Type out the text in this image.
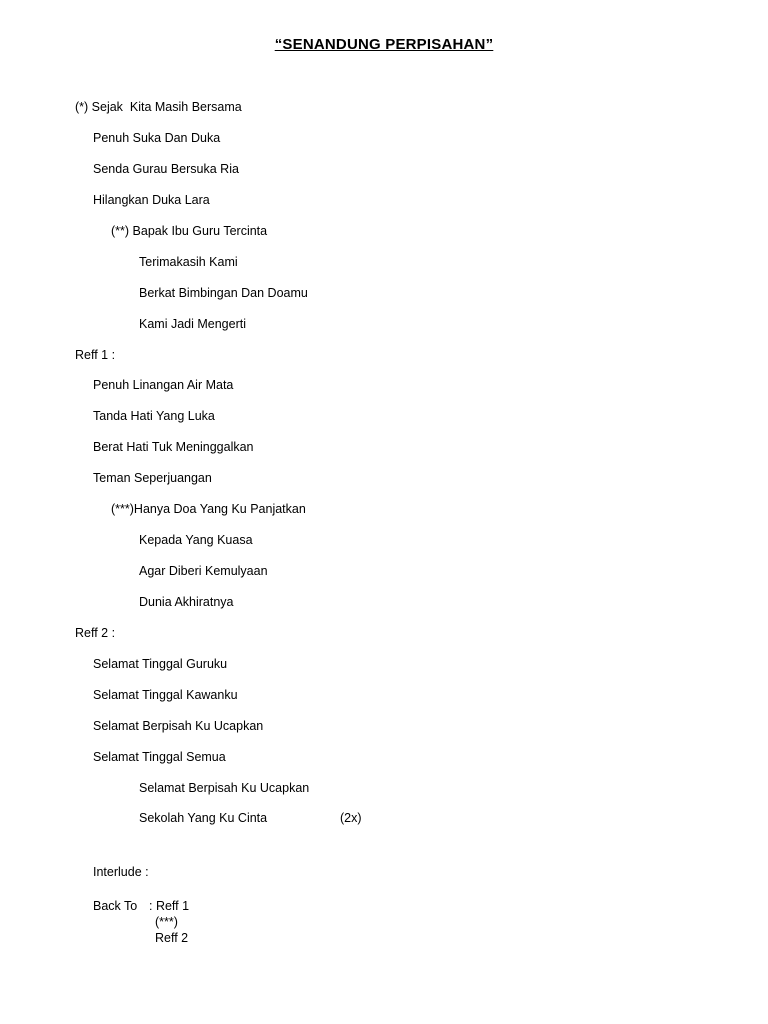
“SENANDUNG PERPISAHAN”
(*) Sejak  Kita Masih Bersama
Penuh Suka Dan Duka
Senda Gurau Bersuka Ria
Hilangkan Duka Lara
(**) Bapak Ibu Guru Tercinta
Terimakasih Kami
Berkat Bimbingan Dan Doamu
Kami Jadi Mengerti
Reff 1 :
Penuh Linangan Air Mata
Tanda Hati Yang Luka
Berat Hati Tuk Meninggalkan
Teman Seperjuangan
(***)Hanya Doa Yang Ku Panjatkan
Kepada Yang Kuasa
Agar Diberi Kemulyaan
Dunia Akhiratnya
Reff 2 :
Selamat Tinggal Guruku
Selamat Tinggal Kawanku
Selamat Berpisah Ku Ucapkan
Selamat Tinggal Semua
Selamat Berpisah Ku Ucapkan
Sekolah Yang Ku Cinta	(2x)
Interlude :
Back To : Reff 1
(***)
Reff 2
